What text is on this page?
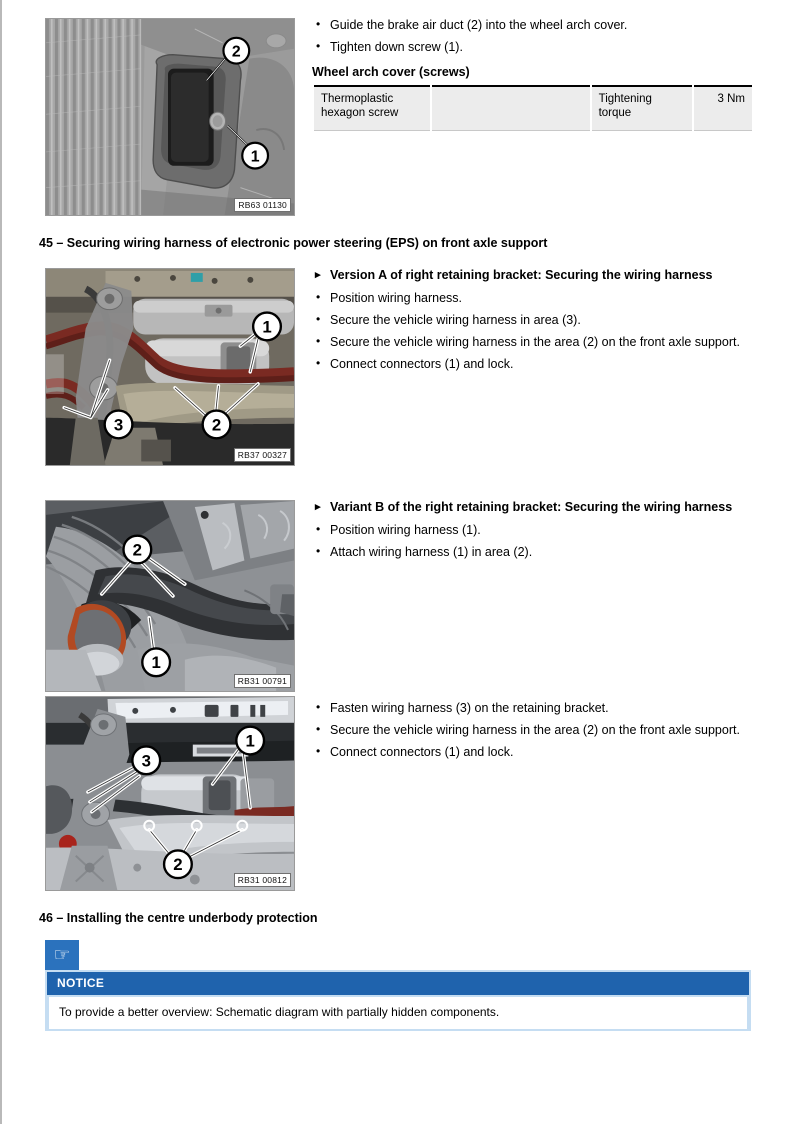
2
1
RB63 01130
• Guide the brake air duct (2) into the wheel arch cover.
• Tighten down screw (1).
Wheel arch cover (screws)
Thermoplastic hexagon screw		Tightening torque	3 Nm
45 – Securing wiring harness of electronic power steering (EPS) on front axle support
1
3	2
RB37 00327
▸ Version A of right retaining bracket: Securing the wiring harness
• Position wiring harness.
• Secure the vehicle wiring harness in area (3).
• Secure the vehicle wiring harness in the area (2) on the front axle support.
• Connect connectors (1) and lock.
2
1
RB31 00791
▸ Variant B of the right retaining bracket: Securing the wiring harness
• Position wiring harness (1).
• Attach wiring harness (1) in area (2).
1
3
2
RB31 00812
• Fasten wiring harness (3) on the retaining bracket.
• Secure the vehicle wiring harness in the area (2) on the front axle support.
• Connect connectors (1) and lock.
46 – Installing the centre underbody protection
☞
NOTICE
To provide a better overview: Schematic diagram with partially hidden components.
